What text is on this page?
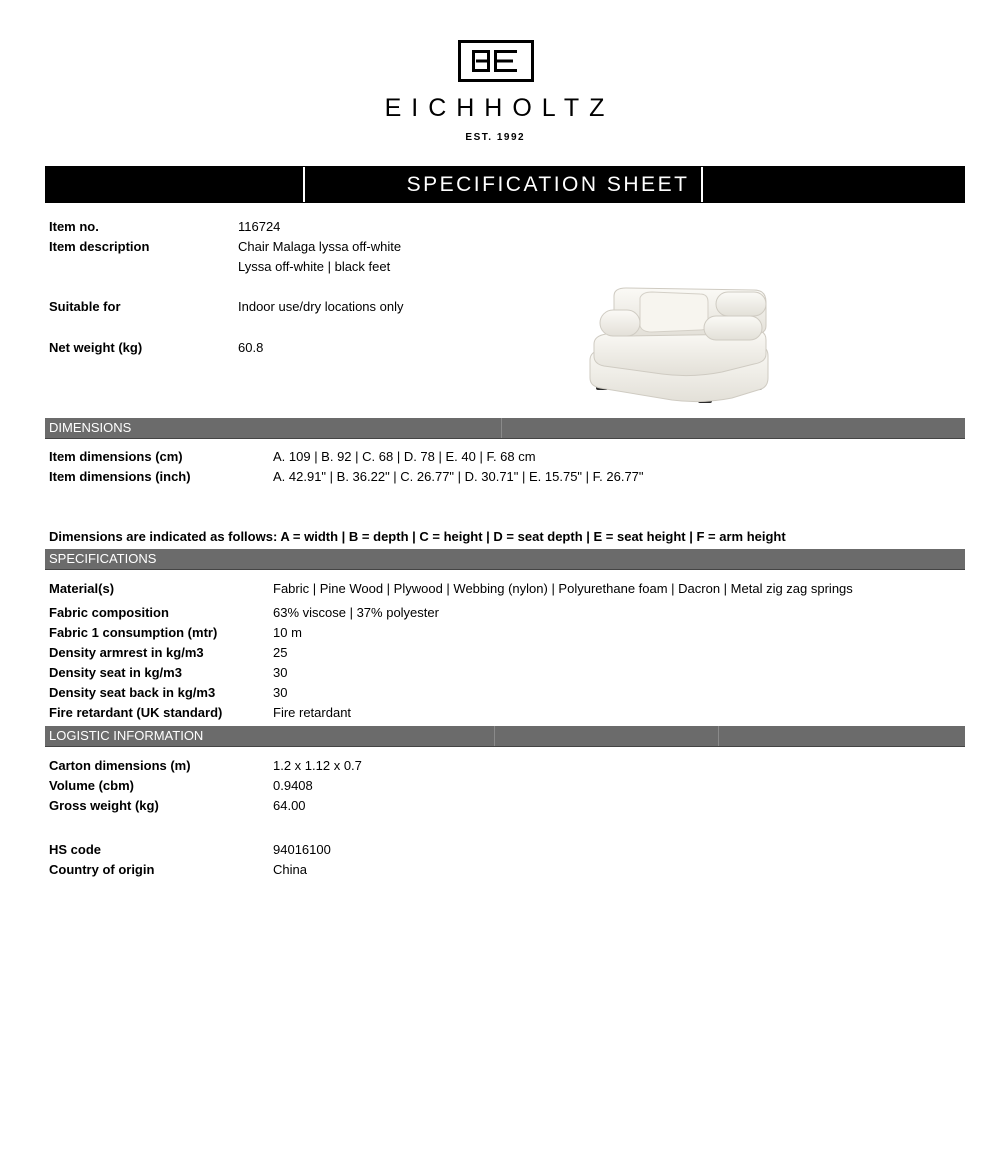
EICHHOLTZ
EST. 1992
SPECIFICATION SHEET
Item no.	116724
Item description	Chair Malaga lyssa off-white
Lyssa off-white | black feet
Suitable for	Indoor use/dry locations only
Net weight (kg)	60.8
DIMENSIONS
Item dimensions (cm)	A. 109 | B. 92 | C. 68 | D. 78 | E. 40 | F. 68 cm
Item dimensions (inch)	A. 42.91" | B. 36.22" | C. 26.77" | D. 30.71" | E. 15.75" | F. 26.77"
Dimensions are indicated as follows: A = width | B = depth | C = height | D = seat depth | E = seat height | F = arm height
SPECIFICATIONS
Material(s)	Fabric | Pine Wood | Plywood | Webbing (nylon) | Polyurethane foam | Dacron | Metal zig zag springs
Fabric composition	63% viscose | 37% polyester
Fabric 1 consumption (mtr)	10 m
Density armrest in kg/m3	25
Density seat in kg/m3	30
Density seat back in kg/m3	30
Fire retardant (UK standard)	Fire retardant
LOGISTIC INFORMATION
Carton dimensions (m)	1.2 x 1.12 x 0.7
Volume (cbm)	0.9408
Gross weight (kg)	64.00
HS code	94016100
Country of origin	China
